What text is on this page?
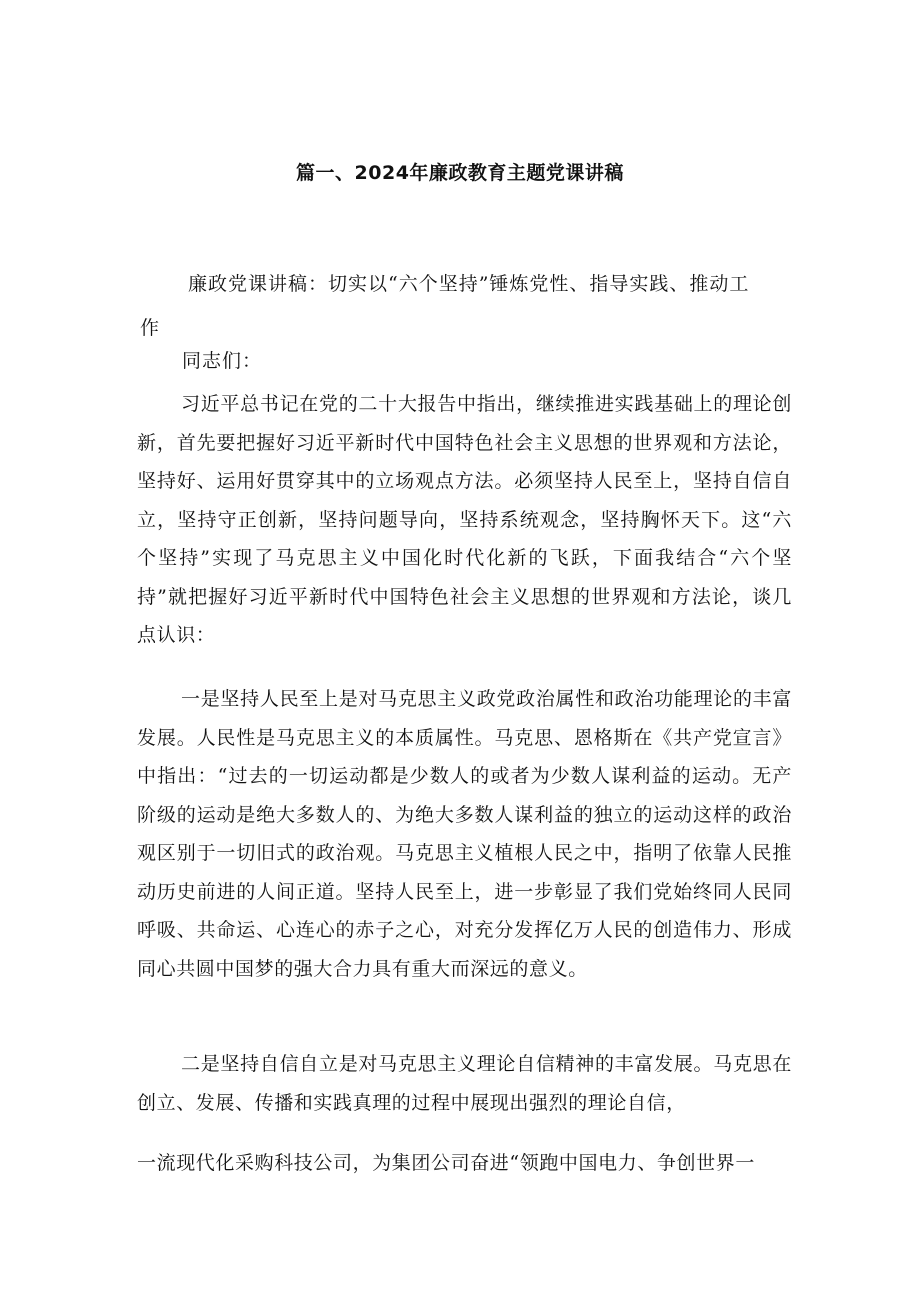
篇一、2024年廉政教育主题党课讲稿
廉政党课讲稿：切实以“六个坚持”锤炼党性、指导实践、推动工作
同志们：

习近平总书记在党的二十大报告中指出，继续推进实践基础上的理论创新，首先要把握好习近平新时代中国特色社会主义思想的世界观和方法论，坚持好、运用好贯穿其中的立场观点方法。必须坚持人民至上，坚持自信自立，坚持守正创新，坚持问题导向，坚持系统观念，坚持胸怀天下。这“六个坚持”实现了马克思主义中国化时代化新的飞跃，下面我结合“六个坚持”就把握好习近平新时代中国特色社会主义思想的世界观和方法论，谈几点认识：

一是坚持人民至上是对马克思主义政党政治属性和政治功能理论的丰富发展。人民性是马克思主义的本质属性。马克思、恩格斯在《共产党宣言》中指出：“过去的一切运动都是少数人的或者为少数人谋利益的运动。无产阶级的运动是绝大多数人的、为绝大多数人谋利益的独立的运动这样的政治观区别于一切旧式的政治观。马克思主义植根人民之中，指明了依靠人民推动历史前进的人间正道。坚持人民至上，进一步彰显了我们党始终同人民同呼吸、共命运、心连心的赤子之心，对充分发挥亿万人民的创造伟力、形成同心共圆中国梦的强大合力具有重大而深远的意义。

二是坚持自信自立是对马克思主义理论自信精神的丰富发展。马克思在创立、发展、传播和实践真理的过程中展现出强烈的理论自信，

一流现代化采购科技公司，为集团公司奋进“领跑中国电力、争创世界一
